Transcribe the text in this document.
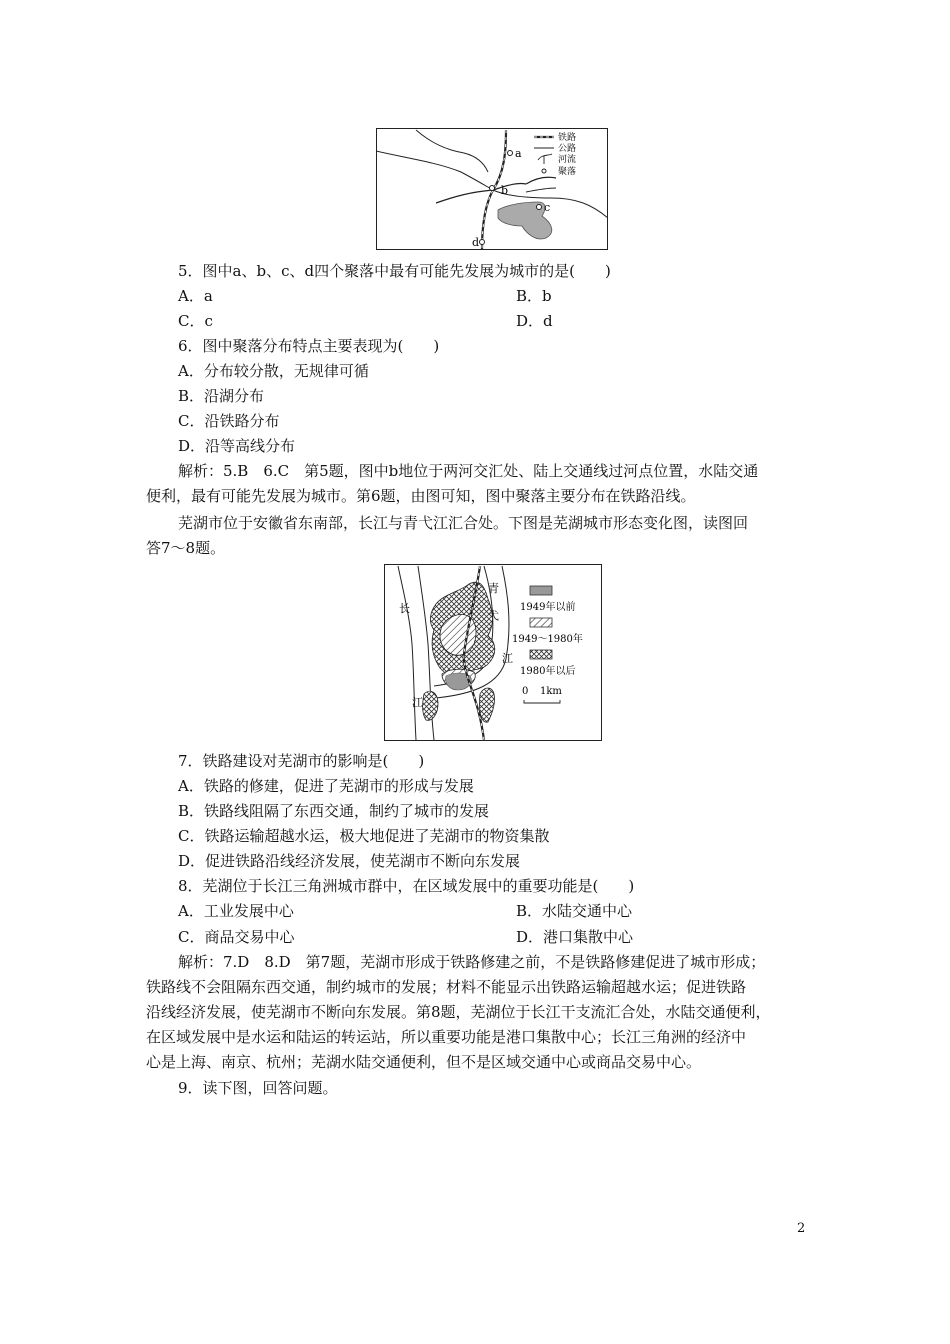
a
b
c
d
铁路
公路
河流
聚落
5．图中a、b、c、d四个聚落中最有可能先发展为城市的是(　　)
A．a	B．b
C．c	D．d
6．图中聚落分布特点主要表现为(　　)
A．分布较分散，无规律可循
B．沿湖分布
C．沿铁路分布
D．沿等高线分布
解析：5.B　6.C　第5题，图中b地位于两河交汇处、陆上交通线过河点位置，水陆交通
便利，最有可能先发展为城市。第6题，由图可知，图中聚落主要分布在铁路沿线。
芜湖市位于安徽省东南部，长江与青弋江汇合处。下图是芜湖城市形态变化图，读图回
答7～8题。
长
江
青
弋
江
1949年以前
1949～1980年
1980年以后
0 1km
7．铁路建设对芜湖市的影响是(　　)
A．铁路的修建，促进了芜湖市的形成与发展
B．铁路线阻隔了东西交通，制约了城市的发展
C．铁路运输超越水运，极大地促进了芜湖市的物资集散
D．促进铁路沿线经济发展，使芜湖市不断向东发展
8．芜湖位于长江三角洲城市群中，在区域发展中的重要功能是(　　)
A．工业发展中心	B．水陆交通中心
C．商品交易中心	D．港口集散中心
解析：7.D　8.D　第7题，芜湖市形成于铁路修建之前，不是铁路修建促进了城市形成；
铁路线不会阻隔东西交通，制约城市的发展；材料不能显示出铁路运输超越水运；促进铁路
沿线经济发展，使芜湖市不断向东发展。第8题，芜湖位于长江干支流汇合处，水陆交通便利，
在区域发展中是水运和陆运的转运站，所以重要功能是港口集散中心；长江三角洲的经济中
心是上海、南京、杭州；芜湖水陆交通便利，但不是区域交通中心或商品交易中心。
9．读下图，回答问题。
2
